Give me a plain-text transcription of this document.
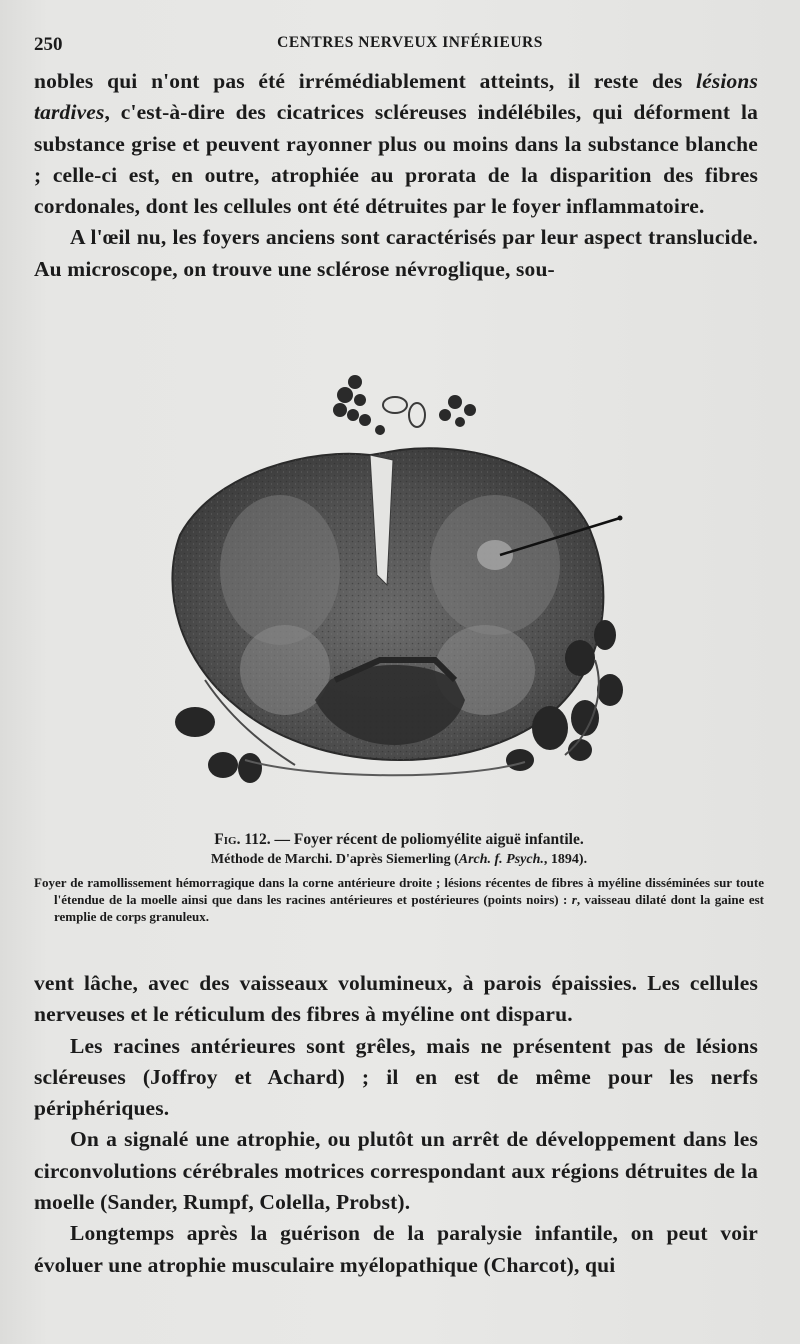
250	CENTRES NERVEUX INFÉRIEURS

nobles qui n'ont pas été irrémédiablement atteints, il reste des lésions tardives, c'est-à-dire des cicatrices scléreuses indélébiles, qui déforment la substance grise et peuvent rayonner plus ou moins dans la substance blanche ; celle-ci est, en outre, atrophiée au prorata de la disparition des fibres cordonales, dont les cellules ont été détruites par le foyer inflammatoire.

A l'œil nu, les foyers anciens sont caractérisés par leur aspect translucide. Au microscope, on trouve une sclérose névroglique, sou-

Fig. 112. — Foyer récent de poliomyélite aiguë infantile.
Méthode de Marchi. D'après Siemerling (Arch. f. Psych., 1894).
Foyer de ramollissement hémorragique dans la corne antérieure droite ; lésions récentes de fibres à myéline disséminées sur toute l'étendue de la moelle ainsi que dans les racines antérieures et postérieures (points noirs) : r, vaisseau dilaté dont la gaine est remplie de corps granuleux.

vent lâche, avec des vaisseaux volumineux, à parois épaissies. Les cellules nerveuses et le réticulum des fibres à myéline ont disparu.

Les racines antérieures sont grêles, mais ne présentent pas de lésions scléreuses (Joffroy et Achard) ; il en est de même pour les nerfs périphériques.

On a signalé une atrophie, ou plutôt un arrêt de développement dans les circonvolutions cérébrales motrices correspondant aux régions détruites de la moelle (Sander, Rumpf, Colella, Probst).

Longtemps après la guérison de la paralysie infantile, on peut voir évoluer une atrophie musculaire myélopathique (Charcot), qui
